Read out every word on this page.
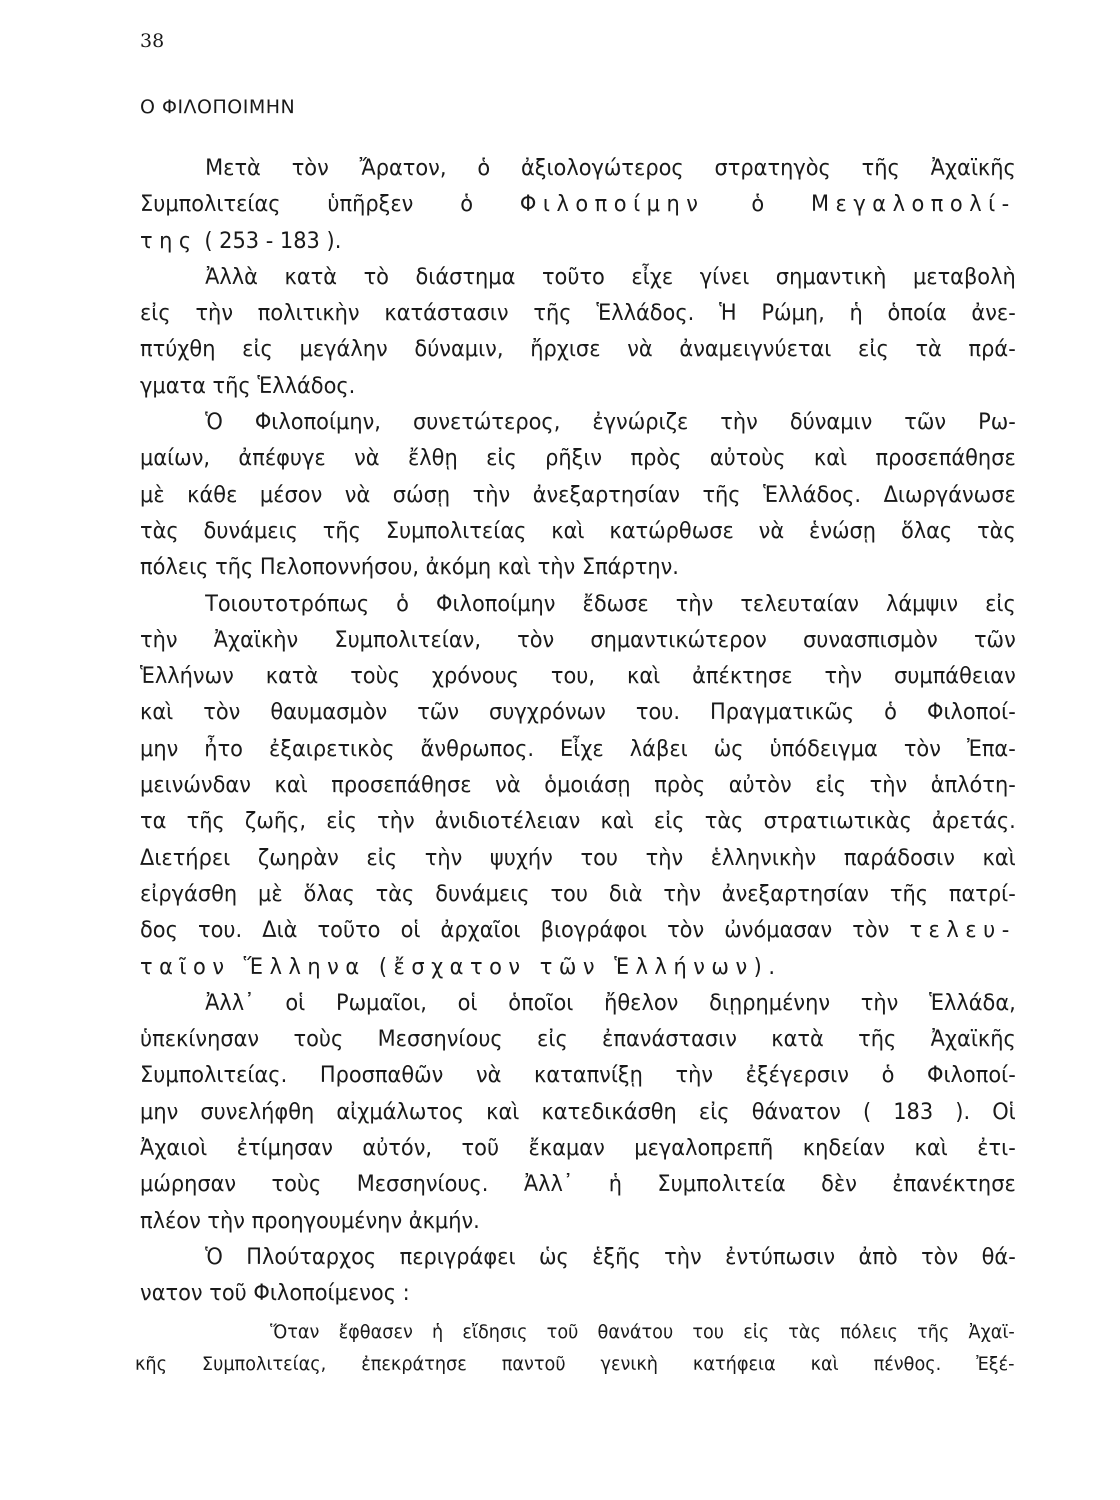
38
Ο ΦΙΛΟΠΟΙΜΗΝ
Μετὰ τὸν Ἄρατον, ὁ ἀξιολογώτερος στρατηγὸς τῆς Ἀχαϊκῆς
Συμπολιτείας ὑπῆρξεν ὁ Φιλοποίμην ὁ Μεγαλοπολί-
της ( 253 - 183 ).
Ἀλλὰ κατὰ τὸ διάστημα τοῦτο εἶχε γίνει σημαντικὴ μεταβολὴ
εἰς τὴν πολιτικὴν κατάστασιν τῆς Ἑλλάδος. Ἡ Ρώμη, ἡ ὁποία ἀνε-
πτύχθη εἰς μεγάλην δύναμιν, ἤρχισε νὰ ἀναμειγνύεται εἰς τὰ πρά-
γματα τῆς Ἑλλάδος.
Ὁ Φιλοποίμην, συνετώτερος, ἐγνώριζε τὴν δύναμιν τῶν Ρω-
μαίων, ἀπέφυγε νὰ ἔλθῃ εἰς ρῆξιν πρὸς αὐτοὺς καὶ προσεπάθησε
μὲ κάθε μέσον νὰ σώσῃ τὴν ἀνεξαρτησίαν τῆς Ἑλλάδος. Διωργάνωσε
τὰς δυνάμεις τῆς Συμπολιτείας καὶ κατώρθωσε νὰ ἑνώσῃ ὅλας τὰς
πόλεις τῆς Πελοποννήσου, ἀκόμη καὶ τὴν Σπάρτην.
Τοιουτοτρόπως ὁ Φιλοποίμην ἔδωσε τὴν τελευταίαν λάμψιν εἰς
τὴν Ἀχαϊκὴν Συμπολιτείαν, τὸν σημαντικώτερον συνασπισμὸν τῶν
Ἑλλήνων κατὰ τοὺς χρόνους του, καὶ ἀπέκτησε τὴν συμπάθειαν
καὶ τὸν θαυμασμὸν τῶν συγχρόνων του. Πραγματικῶς ὁ Φιλοποί-
μην ἦτο ἐξαιρετικὸς ἄνθρωπος. Εἶχε λάβει ὡς ὑπόδειγμα τὸν Ἐπα-
μεινώνδαν καὶ προσεπάθησε νὰ ὁμοιάσῃ πρὸς αὐτὸν εἰς τὴν ἁπλότη-
τα τῆς ζωῆς, εἰς τὴν ἀνιδιοτέλειαν καὶ εἰς τὰς στρατιωτικὰς ἀρετάς.
Διετήρει ζωηρὰν εἰς τὴν ψυχήν του τὴν ἑλληνικὴν παράδοσιν καὶ
εἰργάσθη μὲ ὅλας τὰς δυνάμεις του διὰ τὴν ἀνεξαρτησίαν τῆς πατρί-
δος του. Διὰ τοῦτο οἱ ἀρχαῖοι βιογράφοι τὸν ὠνόμασαν τὸν τελευ-
ταῖον Ἕλληνα (ἔσχατον τῶν Ἑλλήνων).
Ἀλλ᾽ οἱ Ρωμαῖοι, οἱ ὁποῖοι ἤθελον διῃρημένην τὴν Ἑλλάδα,
ὑπεκίνησαν τοὺς Μεσσηνίους εἰς ἐπανάστασιν κατὰ τῆς Ἀχαϊκῆς
Συμπολιτείας. Προσπαθῶν νὰ καταπνίξῃ τὴν ἐξέγερσιν ὁ Φιλοποί-
μην συνελήφθη αἰχμάλωτος καὶ κατεδικάσθη εἰς θάνατον ( 183 ). Οἱ
Ἀχαιοὶ ἐτίμησαν αὐτόν, τοῦ ἔκαμαν μεγαλοπρεπῆ κηδείαν καὶ ἐτι-
μώρησαν τοὺς Μεσσηνίους. Ἀλλ᾽ ἡ Συμπολιτεία δὲν ἐπανέκτησε
πλέον τὴν προηγουμένην ἀκμήν.
Ὁ Πλούταρχος περιγράφει ὡς ἑξῆς τὴν ἐντύπωσιν ἀπὸ τὸν θά-
νατον τοῦ Φιλοποίμενος :
Ὅταν ἔφθασεν ἡ εἴδησις τοῦ θανάτου του εἰς τὰς πόλεις τῆς Ἀχαϊ-
κῆς Συμπολιτείας, ἐπεκράτησε παντοῦ γενικὴ κατήφεια καὶ πένθος. Ἐξέ-
